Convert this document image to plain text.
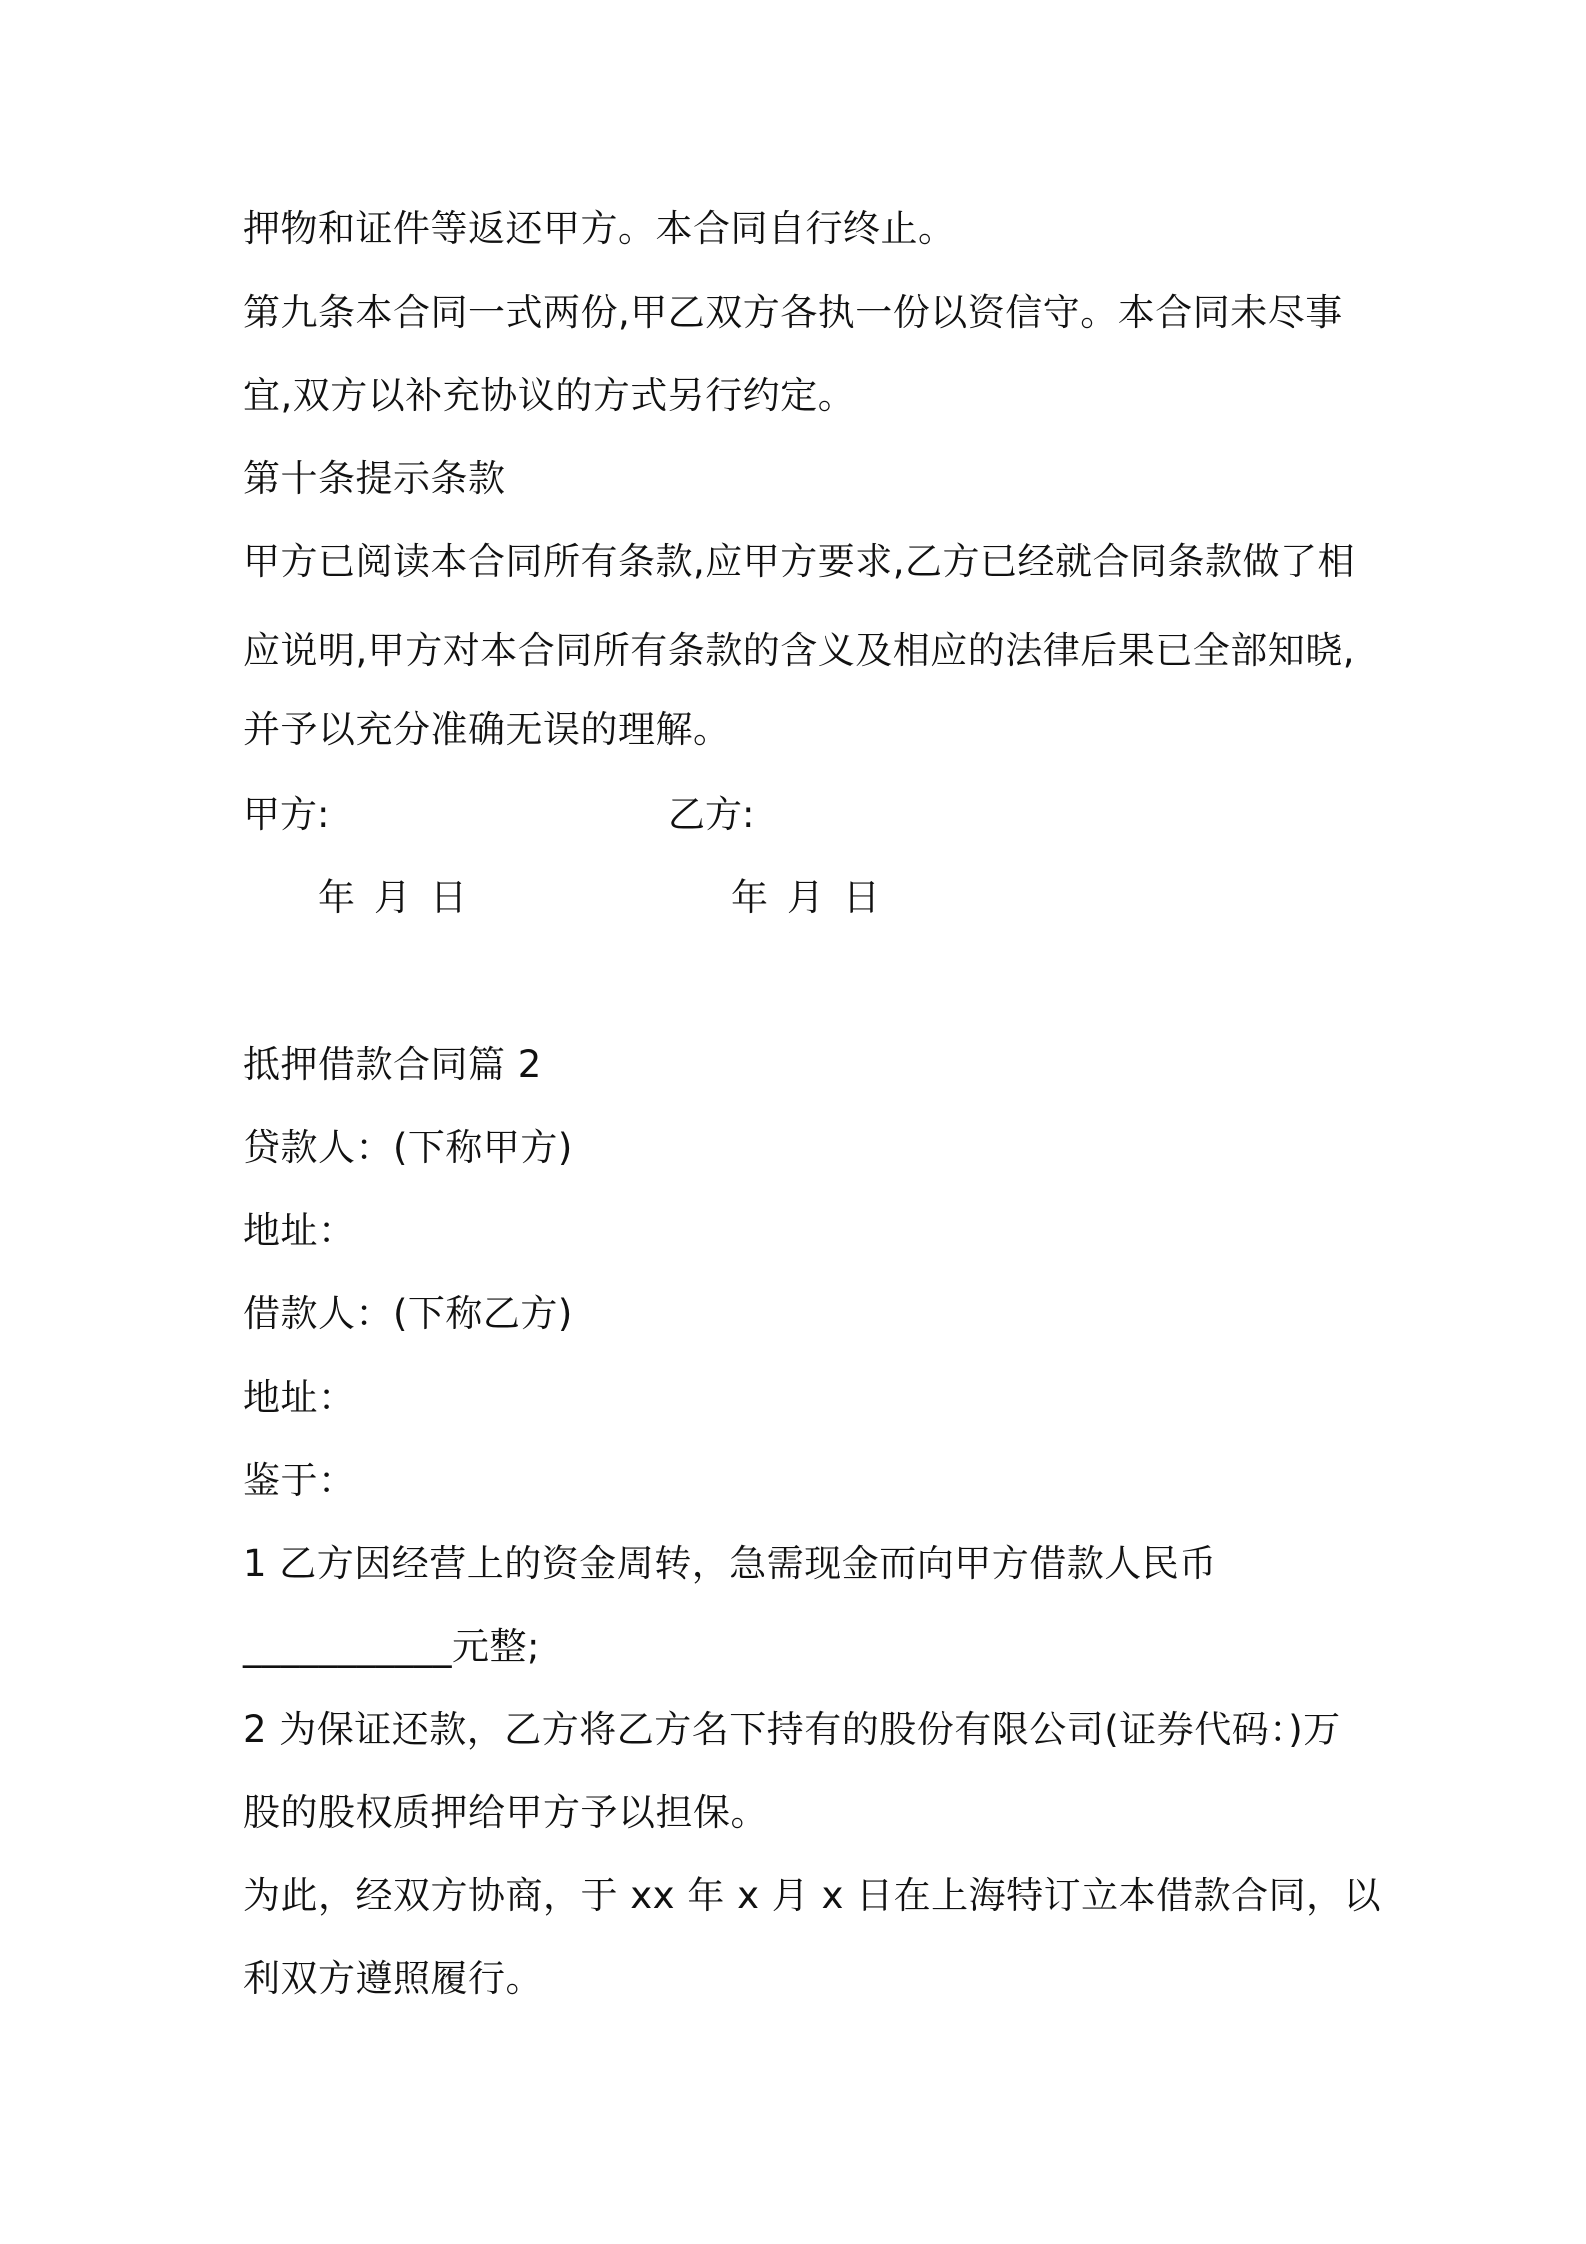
押物和证件等返还甲方。本合同自行终止。
第九条本合同一式两份,甲乙双方各执一份以资信守。本合同未尽事
宜,双方以补充协议的方式另行约定。
第十条提示条款
甲方已阅读本合同所有条款,应甲方要求,乙方已经就合同条款做了相
应说明,甲方对本合同所有条款的含义及相应的法律后果已全部知晓,
并予以充分准确无误的理解。
甲方:	乙方:
年 月 日	年 月 日
抵押借款合同篇 2
贷款人：(下称甲方)
地址：
借款人：(下称乙方)
地址：
鉴于：
1 乙方因经营上的资金周转，急需现金而向甲方借款人民币
___________元整;
2 为保证还款，乙方将乙方名下持有的股份有限公司(证券代码：)万
股的股权质押给甲方予以担保。
为此，经双方协商，于 xx 年 x 月 x 日在上海特订立本借款合同，以
利双方遵照履行。
